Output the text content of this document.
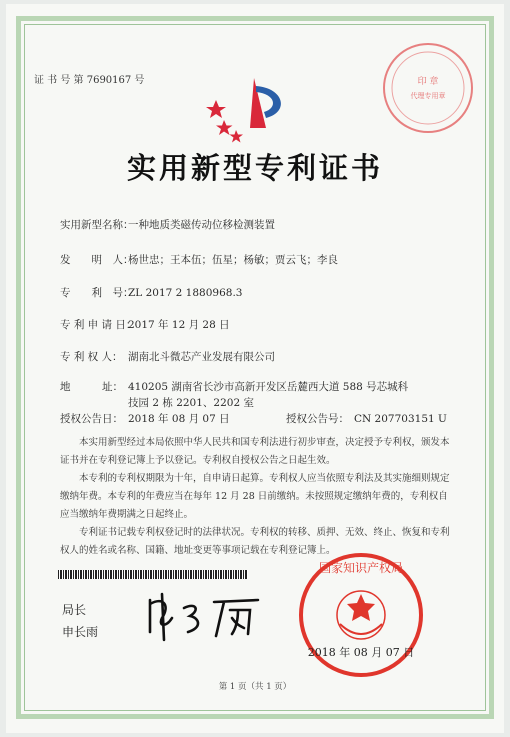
证 书 号 第 7690167 号	印 章
代理专用章
实用新型专利证书
实用新型名称：
一种地质类磁传动位移检测装置
发　　明　人：
杨世忠；王本伍；伍星；杨敏；贾云飞；李良
专　　利　号：
ZL 2017 2 1880968.3
专 利 申 请 日：
2017 年 12 月 28 日
专 利 权 人： 湖南北斗微芯产业发展有限公司
地　　　址： 410205 湖南省长沙市高新开发区岳麓西大道 588 号芯城科
技园 2 栋 2201、2202 室
授权公告日： 2018 年 08 月 07 日	授权公告号： CN 207703151 U

本实用新型经过本局依照中华人民共和国专利法进行初步审查，决定授予专利权，颁发本证书并在专利登记簿上予以登记。专利权自授权公告之日起生效。

本专利的专利权期限为十年，自申请日起算。专利权人应当依照专利法及其实施细则规定缴纳年费。本专利的年费应当在每年 12 月 28 日前缴纳。未按照规定缴纳年费的，专利权自应当缴纳年费期满之日起终止。

专利证书记载专利权登记时的法律状况。专利权的转移、质押、无效、终止、恢复和专利权人的姓名或名称、国籍、地址变更等事项记载在专利登记簿上。

局长
申长雨
国家知识产权局
2018 年 08 月 07 日
第 1 页（共 1 页）
